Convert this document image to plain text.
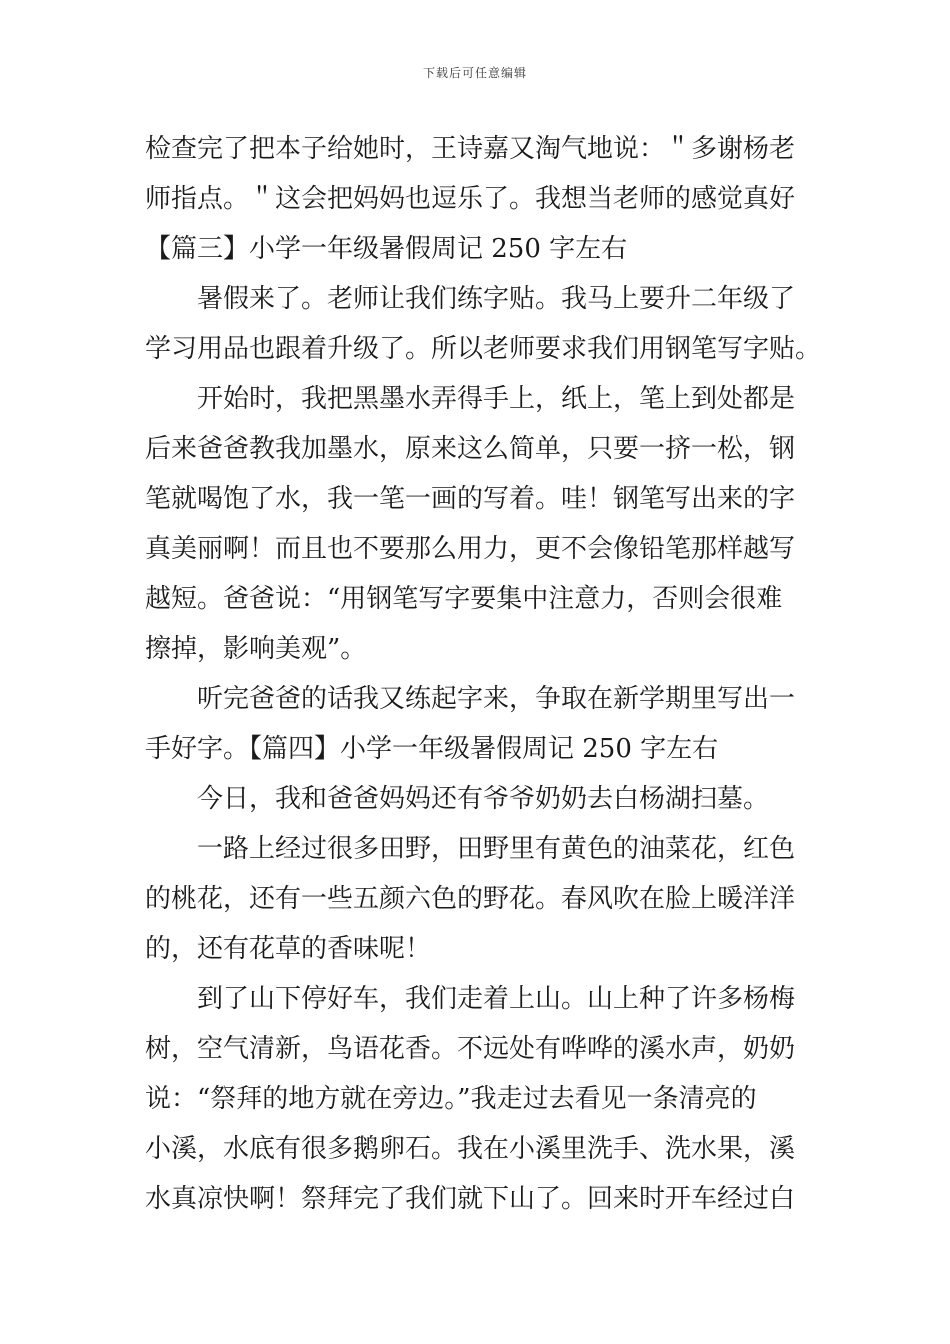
下载后可任意编辑
检查完了把本子给她时，王诗嘉又淘气地说：＂多谢杨老
师指点。＂这会把妈妈也逗乐了。我想当老师的感觉真好
【篇三】小学一年级暑假周记 250 字左右
暑假来了。老师让我们练字贴。我马上要升二年级了
学习用品也跟着升级了。所以老师要求我们用钢笔写字贴。
开始时，我把黑墨水弄得手上，纸上，笔上到处都是
后来爸爸教我加墨水，原来这么简单，只要一挤一松，钢
笔就喝饱了水，我一笔一画的写着。哇！钢笔写出来的字
真美丽啊！而且也不要那么用力，更不会像铅笔那样越写
越短。爸爸说：“用钢笔写字要集中注意力，否则会很难
擦掉，影响美观”。
听完爸爸的话我又练起字来，争取在新学期里写出一
手好字。【篇四】小学一年级暑假周记 250 字左右
今日，我和爸爸妈妈还有爷爷奶奶去白杨湖扫墓。
一路上经过很多田野，田野里有黄色的油菜花，红色
的桃花，还有一些五颜六色的野花。春风吹在脸上暖洋洋
的，还有花草的香味呢！
到了山下停好车，我们走着上山。山上种了许多杨梅
树，空气清新，鸟语花香。不远处有哗哗的溪水声，奶奶
说：“祭拜的地方就在旁边。”我走过去看见一条清亮的
小溪，水底有很多鹅卵石。我在小溪里洗手、洗水果，溪
水真凉快啊！祭拜完了我们就下山了。回来时开车经过白
